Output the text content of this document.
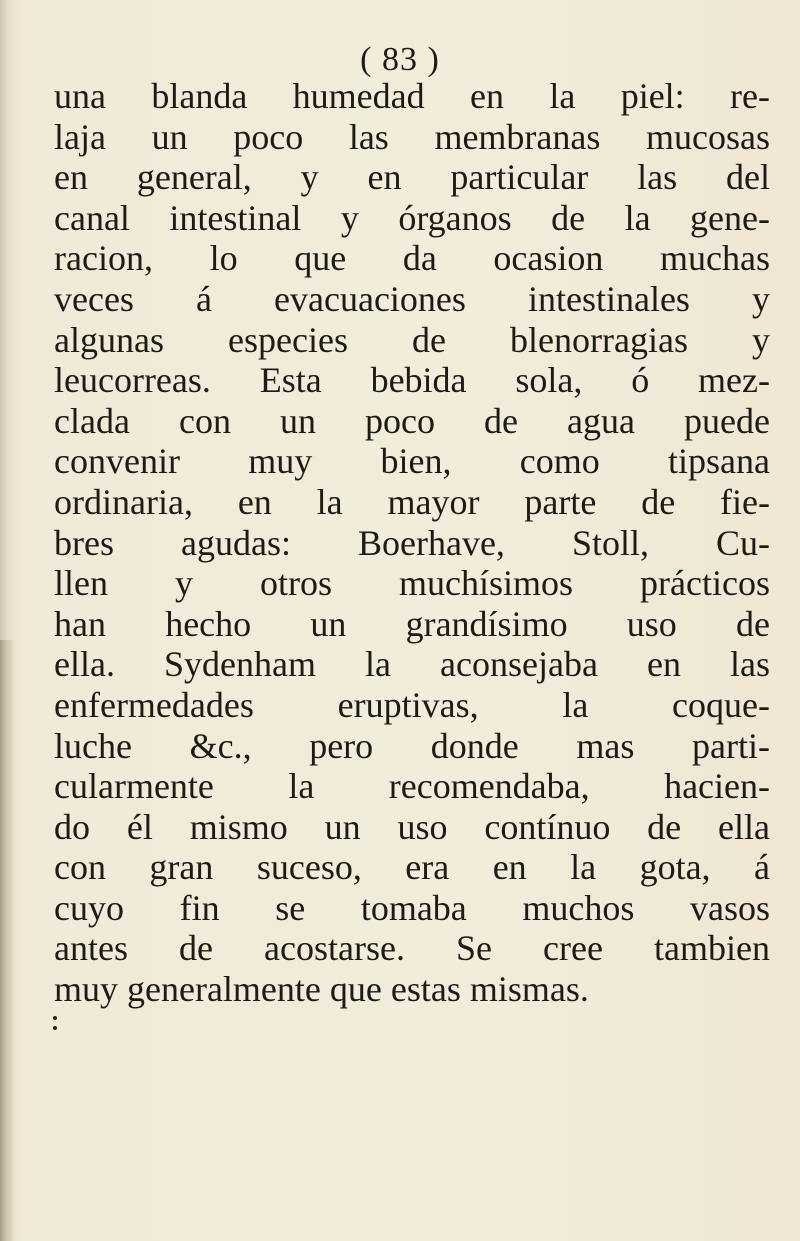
( 83 )
una blanda humedad en la piel: re-
laja un poco las membranas mucosas
en general, y en particular las del
canal intestinal y órganos de la gene-
racion, lo que da ocasion muchas
veces á evacuaciones intestinales y
algunas especies de blenorragias y
leucorreas. Esta bebida sola, ó mez-
clada con un poco de agua puede
convenir muy bien, como tipsana
ordinaria, en la mayor parte de fie-
bres agudas: Boerhave, Stoll, Cu-
llen y otros muchísimos prácticos
han hecho un grandísimo uso de
ella. Sydenham la aconsejaba en las
enfermedades eruptivas, la coque-
luche &c., pero donde mas parti-
cularmente la recomendaba, hacien-
do él mismo un uso contínuo de ella
con gran suceso, era en la gota, á
cuyo fin se tomaba muchos vasos
antes de acostarse. Se cree tambien
muy generalmente que estas mismas.
